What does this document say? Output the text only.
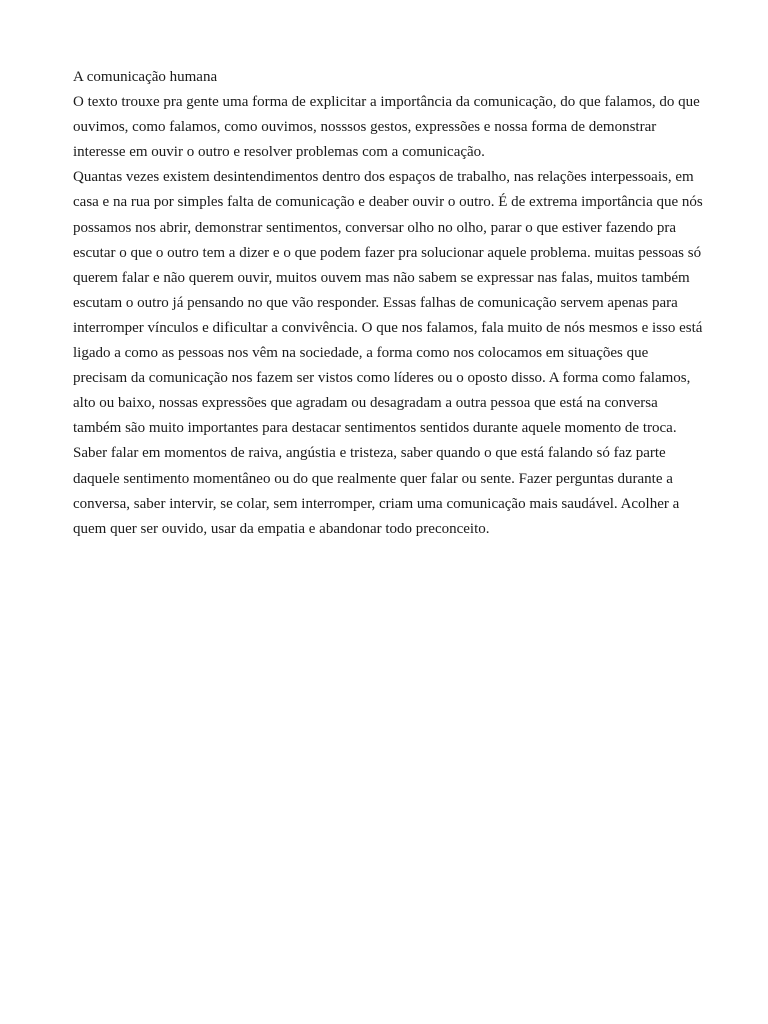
A comunicação humana

O texto trouxe pra gente uma forma de explicitar a importância da comunicação, do que falamos, do que ouvimos, como falamos, como ouvimos, nosssos gestos, expressões e nossa forma de demonstrar interesse em ouvir o outro e resolver problemas com a comunicação.

Quantas vezes existem desintendimentos dentro dos espaços de trabalho, nas relações interpessoais, em casa e na rua por simples falta de comunicação e deaber ouvir o outro. É de extrema importância que nós possamos nos abrir, demonstrar sentimentos, conversar olho no olho, parar o que estiver fazendo pra escutar o que o outro tem a dizer e o que podem fazer pra solucionar aquele problema. muitas pessoas só querem falar e não querem ouvir, muitos ouvem mas não sabem se expressar nas falas, muitos também escutam o outro já pensando no que vão responder. Essas falhas de comunicação servem apenas para interromper vínculos e dificultar a convivência. O que nos falamos, fala muito de nós mesmos e isso está ligado a como as pessoas nos vêm na sociedade, a forma como nos colocamos em situações que precisam da comunicação nos fazem ser vistos como líderes ou o oposto disso. A forma como falamos, alto ou baixo, nossas expressões que agradam ou desagradam a outra pessoa que está na conversa também são muito importantes para destacar sentimentos sentidos durante aquele momento de troca. Saber falar em momentos de raiva, angústia e tristeza, saber quando o que está falando só faz parte daquele sentimento momentâneo ou do que realmente quer falar ou sente. Fazer perguntas durante a conversa, saber intervir, se colar, sem interromper, criam uma comunicação mais saudável. Acolher a quem quer ser ouvido, usar da empatia e abandonar todo preconceito.
